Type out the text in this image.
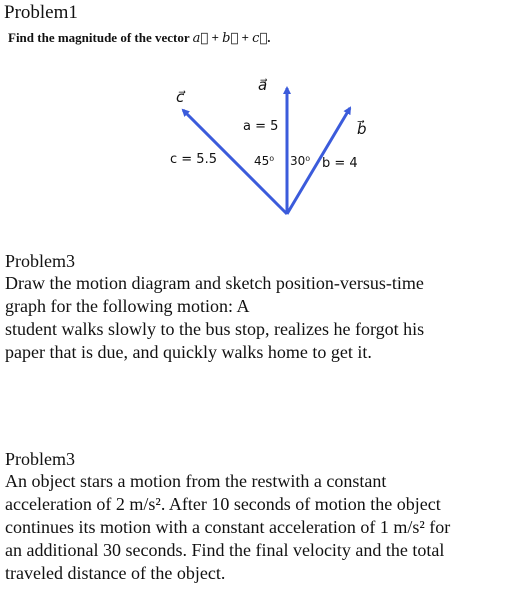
Problem1
Find the magnitude of the vector a⃗ + b⃗ + c⃗.
c⃗
a⃗
a = 5	b⃗
c = 5.5	45⁰ 30⁰ b = 4
Problem3
Draw the motion diagram and sketch position-versus-time
graph for the following motion: A
student walks slowly to the bus stop, realizes he forgot his
paper that is due, and quickly walks home to get it.
Problem3
An object stars a motion from the restwith a constant
acceleration of 2 m/s². After 10 seconds of motion the object
continues its motion with a constant acceleration of 1 m/s² for
an additional 30 seconds. Find the final velocity and the total
traveled distance of the object.
